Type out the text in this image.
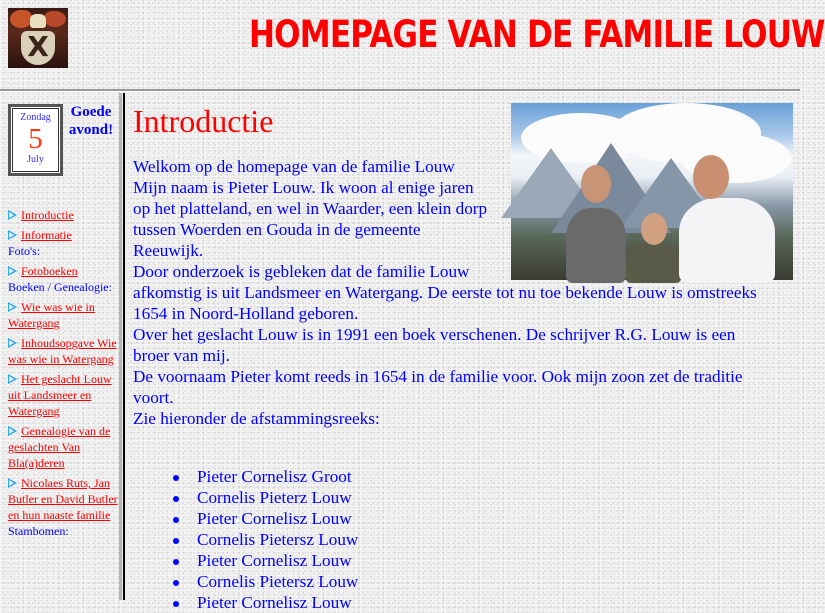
X	HOMEPAGE VAN DE FAMILIE LOUW
Zondag
5
July
Goede avond!
Introductie
Informatie
Foto's:
Fotoboeken
Boeken / Genealogie:
Wie was wie in Watergang
Inhoudsopgave Wie was wie in Watergang
Het geslacht Louw uit Landsmeer en Watergang
Genealogie van de geslachten Van Bla(a)deren
Nicolaes Ruts, Jan Butler en David Butler en hun naaste familie
Stambomen:
Introductie
Welkom op de homepage van de familie Louw
Mijn naam is Pieter Louw. Ik woon al enige jaren
op het platteland, en wel in Waarder, een klein dorp
tussen Woerden en Gouda in de gemeente
Reeuwijk.
Door onderzoek is gebleken dat de familie Louw
afkomstig is uit Landsmeer en Watergang. De eerste tot nu toe bekende Louw is omstreeks
1654 in Noord-Holland geboren.
Over het geslacht Louw is in 1991 een boek verschenen. De schrijver R.G. Louw is een
broer van mij.
De voornaam Pieter komt reeds in 1654 in de familie voor. Ook mijn zoon zet de traditie
voort.
Zie hieronder de afstammingsreeks:
Pieter Cornelisz Groot
Cornelis Pieterz Louw
Pieter Cornelisz Louw
Cornelis Pietersz Louw
Pieter Cornelisz Louw
Cornelis Pietersz Louw
Pieter Cornelisz Louw
